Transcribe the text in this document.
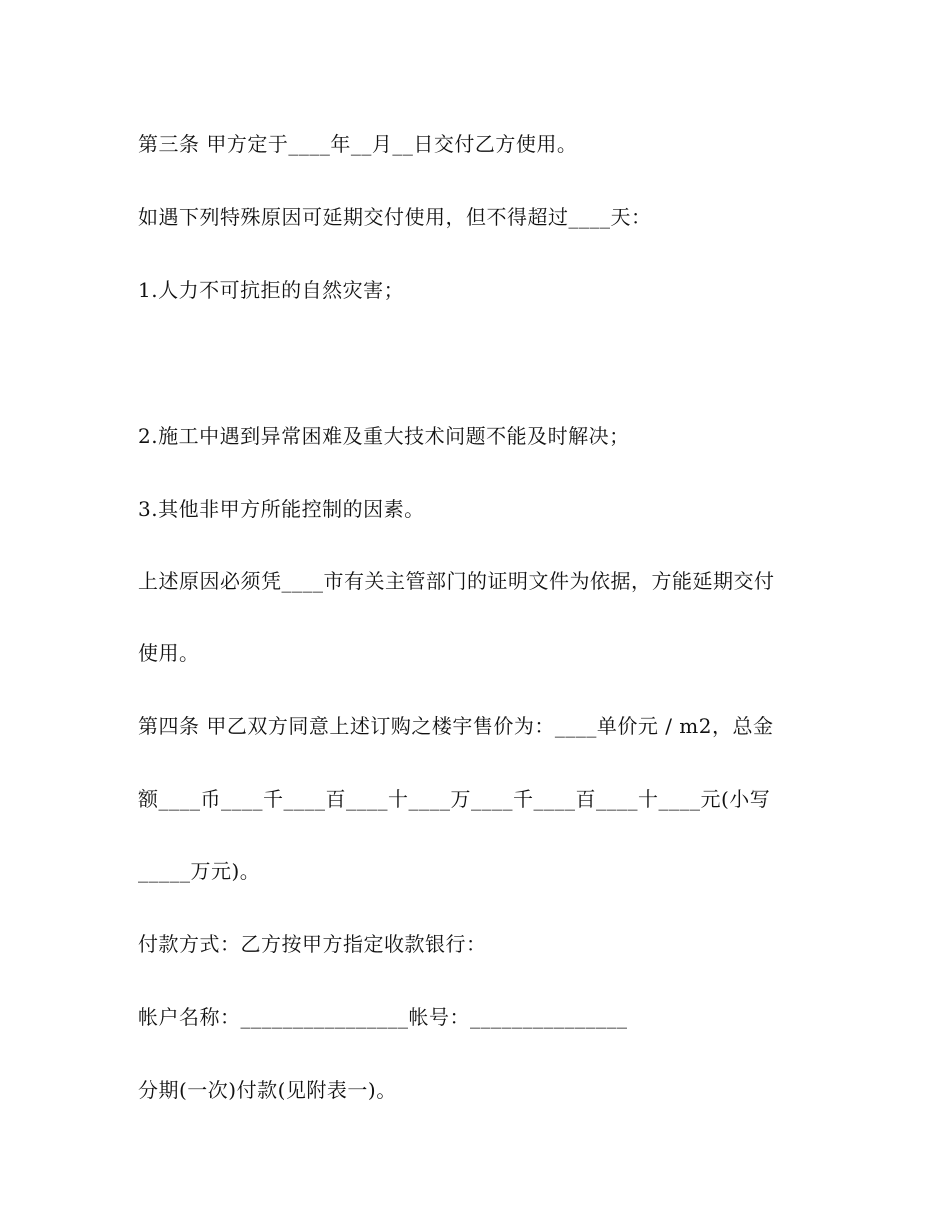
第三条 甲方定于____年__月__日交付乙方使用。
如遇下列特殊原因可延期交付使用，但不得超过____天：
1.人力不可抗拒的自然灾害；
2.施工中遇到异常困难及重大技术问题不能及时解决；
3.其他非甲方所能控制的因素。
上述原因必须凭____市有关主管部门的证明文件为依据，方能延期交付
使用。
第四条 甲乙双方同意上述订购之楼宇售价为：____单价元 / m2，总金
额____币____千____百____十____万____千____百____十____元(小写
_____万元)。
付款方式：乙方按甲方指定收款银行：
帐户名称：________________帐号：_______________
分期(一次)付款(见附表一)。
